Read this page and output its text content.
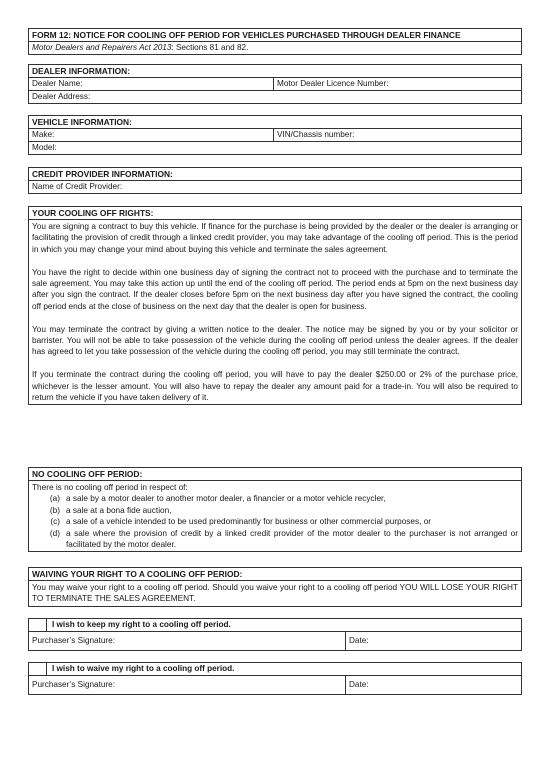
FORM 12: NOTICE FOR COOLING OFF PERIOD FOR VEHICLES PURCHASED THROUGH DEALER FINANCE
Motor Dealers and Repairers Act 2013: Sections 81 and 82.
DEALER INFORMATION:
Dealer Name:	Motor Dealer Licence Number:
Dealer Address:
VEHICLE INFORMATION:
Make:	VIN/Chassis number:
Model:
CREDIT PROVIDER INFORMATION:
Name of Credit Provider:
YOUR COOLING OFF RIGHTS:

You are signing a contract to buy this vehicle. If finance for the purchase is being provided by the dealer or the dealer is arranging or facilitating the provision of credit through a linked credit provider, you may take advantage of the cooling off period. This is the period in which you may change your mind about buying this vehicle and terminate the sales agreement.

You have the right to decide within one business day of signing the contract not to proceed with the purchase and to terminate the sale agreement. You may take this action up until the end of the cooling off period. The period ends at 5pm on the next business day after you sign the contract. If the dealer closes before 5pm on the next business day after you have signed the contract, the cooling off period ends at the close of business on the next day that the dealer is open for business.

You may terminate the contract by giving a written notice to the dealer. The notice may be signed by you or by your solicitor or barrister. You will not be able to take possession of the vehicle during the cooling off period unless the dealer agrees. If the dealer has agreed to let you take possession of the vehicle during the cooling off period, you may still terminate the contract.

If you terminate the contract during the cooling off period, you will have to pay the dealer $250.00 or 2% of the purchase price, whichever is the lesser amount. You will also have to repay the dealer any amount paid for a trade-in. You will also be required to return the vehicle if you have taken delivery of it.

NO COOLING OFF PERIOD:
There is no cooling off period in respect of:
(a) a sale by a motor dealer to another motor dealer, a financier or a motor vehicle recycler,
(b) a sale at a bona fide auction,
(c) a sale of a vehicle intended to be used predominantly for business or other commercial purposes, or
(d) a sale where the provision of credit by a linked credit provider of the motor dealer to the purchaser is not arranged or facilitated by the motor dealer.
WAIVING YOUR RIGHT TO A COOLING OFF PERIOD:
You may waive your right to a cooling off period. Should you waive your right to a cooling off period YOU WILL LOSE YOUR RIGHT TO TERMINATE THE SALES AGREEMENT.
I wish to keep my right to a cooling off period.
Purchaser’s Signature:	Date:
I wish to waive my right to a cooling off period.
Purchaser’s Signature:	Date:
